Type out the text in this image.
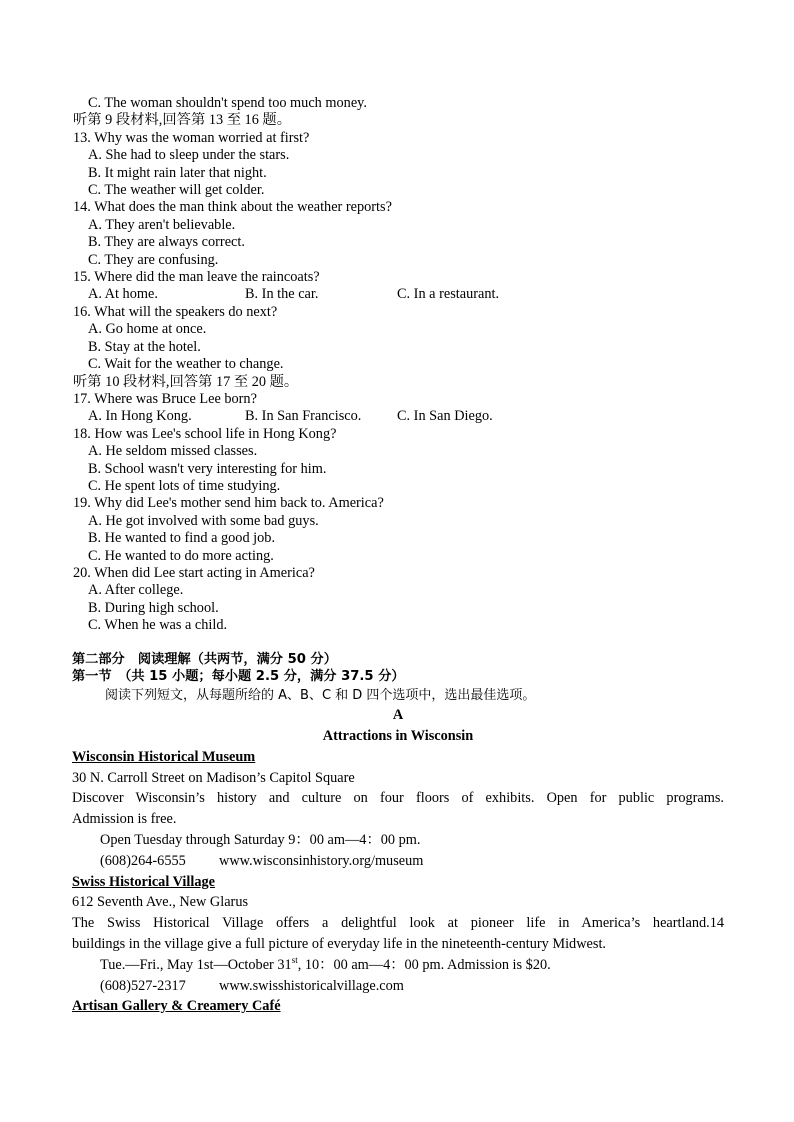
C. The woman shouldn't spend too much money.
听第 9 段材料,回答第 13 至 16 题。
13. Why was the woman worried at first?
A. She had to sleep under the stars.
B. It might rain later that night.
C. The weather will get colder.
14. What does the man think about the weather reports?
A. They aren't believable.
B. They are always correct.
C. They are confusing.
15. Where did the man leave the raincoats?
A. At home.	B. In the car.	C. In a restaurant.
16. What will the speakers do next?
A. Go home at once.
B. Stay at the hotel.
C. Wait for the weather to change.
听第 10 段材料,回答第 17 至 20 题。
17. Where was Bruce Lee born?
A. In Hong Kong.	B. In San Francisco.	C. In San Diego.
18. How was Lee's school life in Hong Kong?
A. He seldom missed classes.
B. School wasn't very interesting for him.
C. He spent lots of time studying.
19. Why did Lee's mother send him back to. America?
A. He got involved with some bad guys.
B. He wanted to find a good job.
C. He wanted to do more acting.
20. When did Lee start acting in America?
A. After college.
B. During high school.
C. When he was a child.
第二部分　阅读理解（共两节，满分 50 分）
第一节　（共 15 小题；每小题 2.5 分，满分 37.5 分）
阅读下列短文，从每题所给的 A、B、C 和 D 四个选项中，选出最佳选项。
A
Attractions in Wisconsin
Wisconsin Historical Museum
30 N. Carroll Street on Madison’s Capitol Square
Discover Wisconsin’s history and culture on four floors of exhibits. Open for public programs.
Admission is free.
Open Tuesday through Saturday 9：00 am—4：00 pm.
(608)264-6555 www.wisconsinhistory.org/museum
Swiss Historical Village
612 Seventh Ave., New Glarus
The Swiss Historical Village offers a delightful look at pioneer life in America’s heartland.14
buildings in the village give a full picture of everyday life in the nineteenth-century Midwest.
Tue.—Fri., May 1st—October 31st, 10：00 am—4：00 pm. Admission is $20.
(608)527-2317 www.swisshistoricalvillage.com
Artisan Gallery & Creamery Café
